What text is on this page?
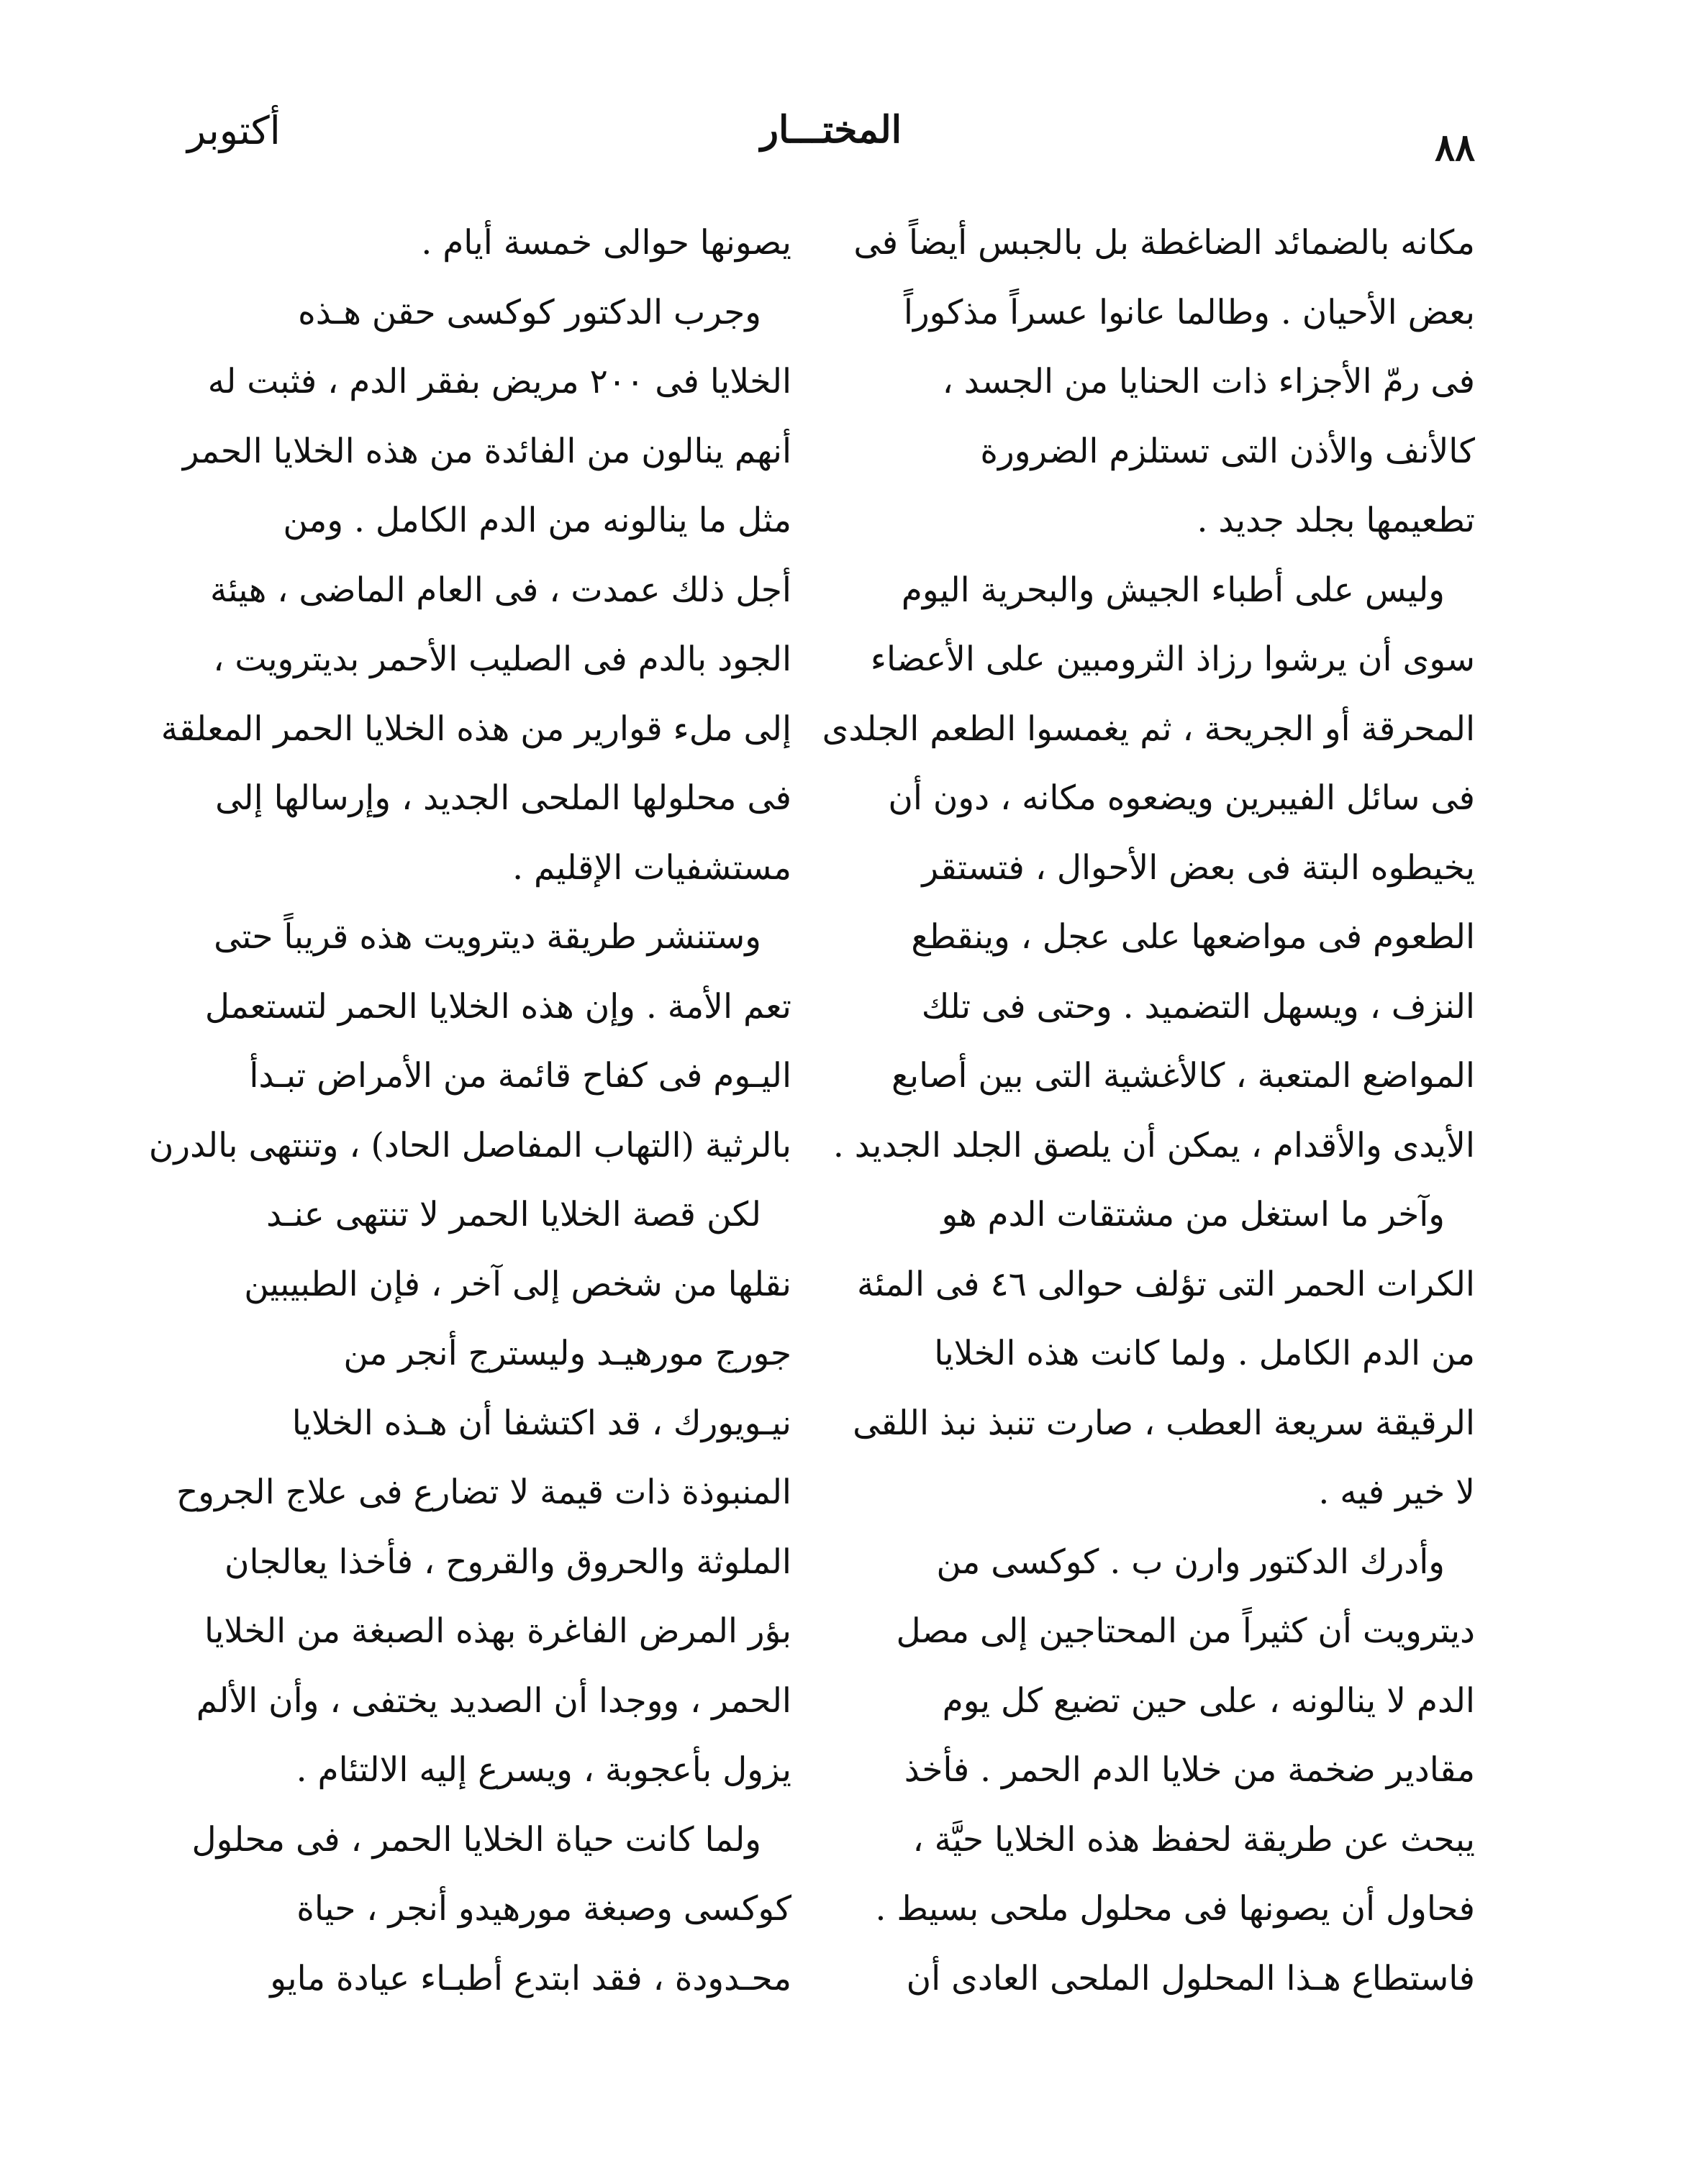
٨٨
المختـــار
أكتوبر
مكانه بالضمائد الضاغطة بل بالجبس أيضاً فى
بعض الأحيان . وطالما عانوا عسراً مذكوراً
فى رمّ الأجزاء ذات الحنايا من الجسد ،
كالأنف والأذن التى تستلزم الضرورة
تطعيمها بجلد جديد .
وليس على أطباء الجيش والبحرية اليوم
سوى أن يرشوا رزاذ الثرومبين على الأعضاء
المحرقة أو الجريحة ، ثم يغمسوا الطعم الجلدى
فى سائل الفيبرين ويضعوه مكانه ، دون أن
يخيطوه البتة فى بعض الأحوال ، فتستقر
الطعوم فى مواضعها على عجل ، وينقطع
النزف ، ويسهل التضميد . وحتى فى تلك
المواضع المتعبة ، كالأغشية التى بين أصابع
الأيدى والأقدام ، يمكن أن يلصق الجلد الجديد .
وآخر ما استغل من مشتقات الدم هو
الكرات الحمر التى تؤلف حوالى ٤٦ فى المئة
من الدم الكامل . ولما كانت هذه الخلايا
الرقيقة سريعة العطب ، صارت تنبذ نبذ اللقى
لا خير فيه .
وأدرك الدكتور وارن ب . كوكسى من
ديترويت أن كثيراً من المحتاجين إلى مصل
الدم لا ينالونه ، على حين تضيع كل يوم
مقادير ضخمة من خلايا الدم الحمر . فأخذ
يبحث عن طريقة لحفظ هذه الخلايا حيَّة ،
فحاول أن يصونها فى محلول ملحى بسيط .
فاستطاع هـذا المحلول الملحى العادى أن
يصونها حوالى خمسة أيام .
وجرب الدكتور كوكسى حقن هـذه
الخلايا فى ٢٠٠ مريض بفقر الدم ، فثبت له
أنهم ينالون من الفائدة من هذه الخلايا الحمر
مثل ما ينالونه من الدم الكامل . ومن
أجل ذلك عمدت ، فى العام الماضى ، هيئة
الجود بالدم فى الصليب الأحمر بديترويت ،
إلى ملء قوارير من هذه الخلايا الحمر المعلقة
فى محلولها الملحى الجديد ، وإرسالها إلى
مستشفيات الإقليم .
وستنشر طريقة ديترويت هذه قريباً حتى
تعم الأمة . وإن هذه الخلايا الحمر لتستعمل
اليـوم فى كفاح قائمة من الأمراض تبـدأ
بالرثية (التهاب المفاصل الحاد) ، وتنتهى بالدرن
لكن قصة الخلايا الحمر لا تنتهى عنـد
نقلها من شخص إلى آخر ، فإن الطبيبين
جورج مورهيـد وليسترج أنجر من
نيـويورك ، قد اكتشفا أن هـذه الخلايا
المنبوذة ذات قيمة لا تضارع فى علاج الجروح
الملوثة والحروق والقروح ، فأخذا يعالجان
بؤر المرض الفاغرة بهذه الصبغة من الخلايا
الحمر ، ووجدا أن الصديد يختفى ، وأن الألم
يزول بأعجوبة ، ويسرع إليه الالتئام .
ولما كانت حياة الخلايا الحمر ، فى محلول
كوكسى وصبغة مورهيدو أنجر ، حياة
محـدودة ، فقد ابتدع أطبـاء عيادة مايو
